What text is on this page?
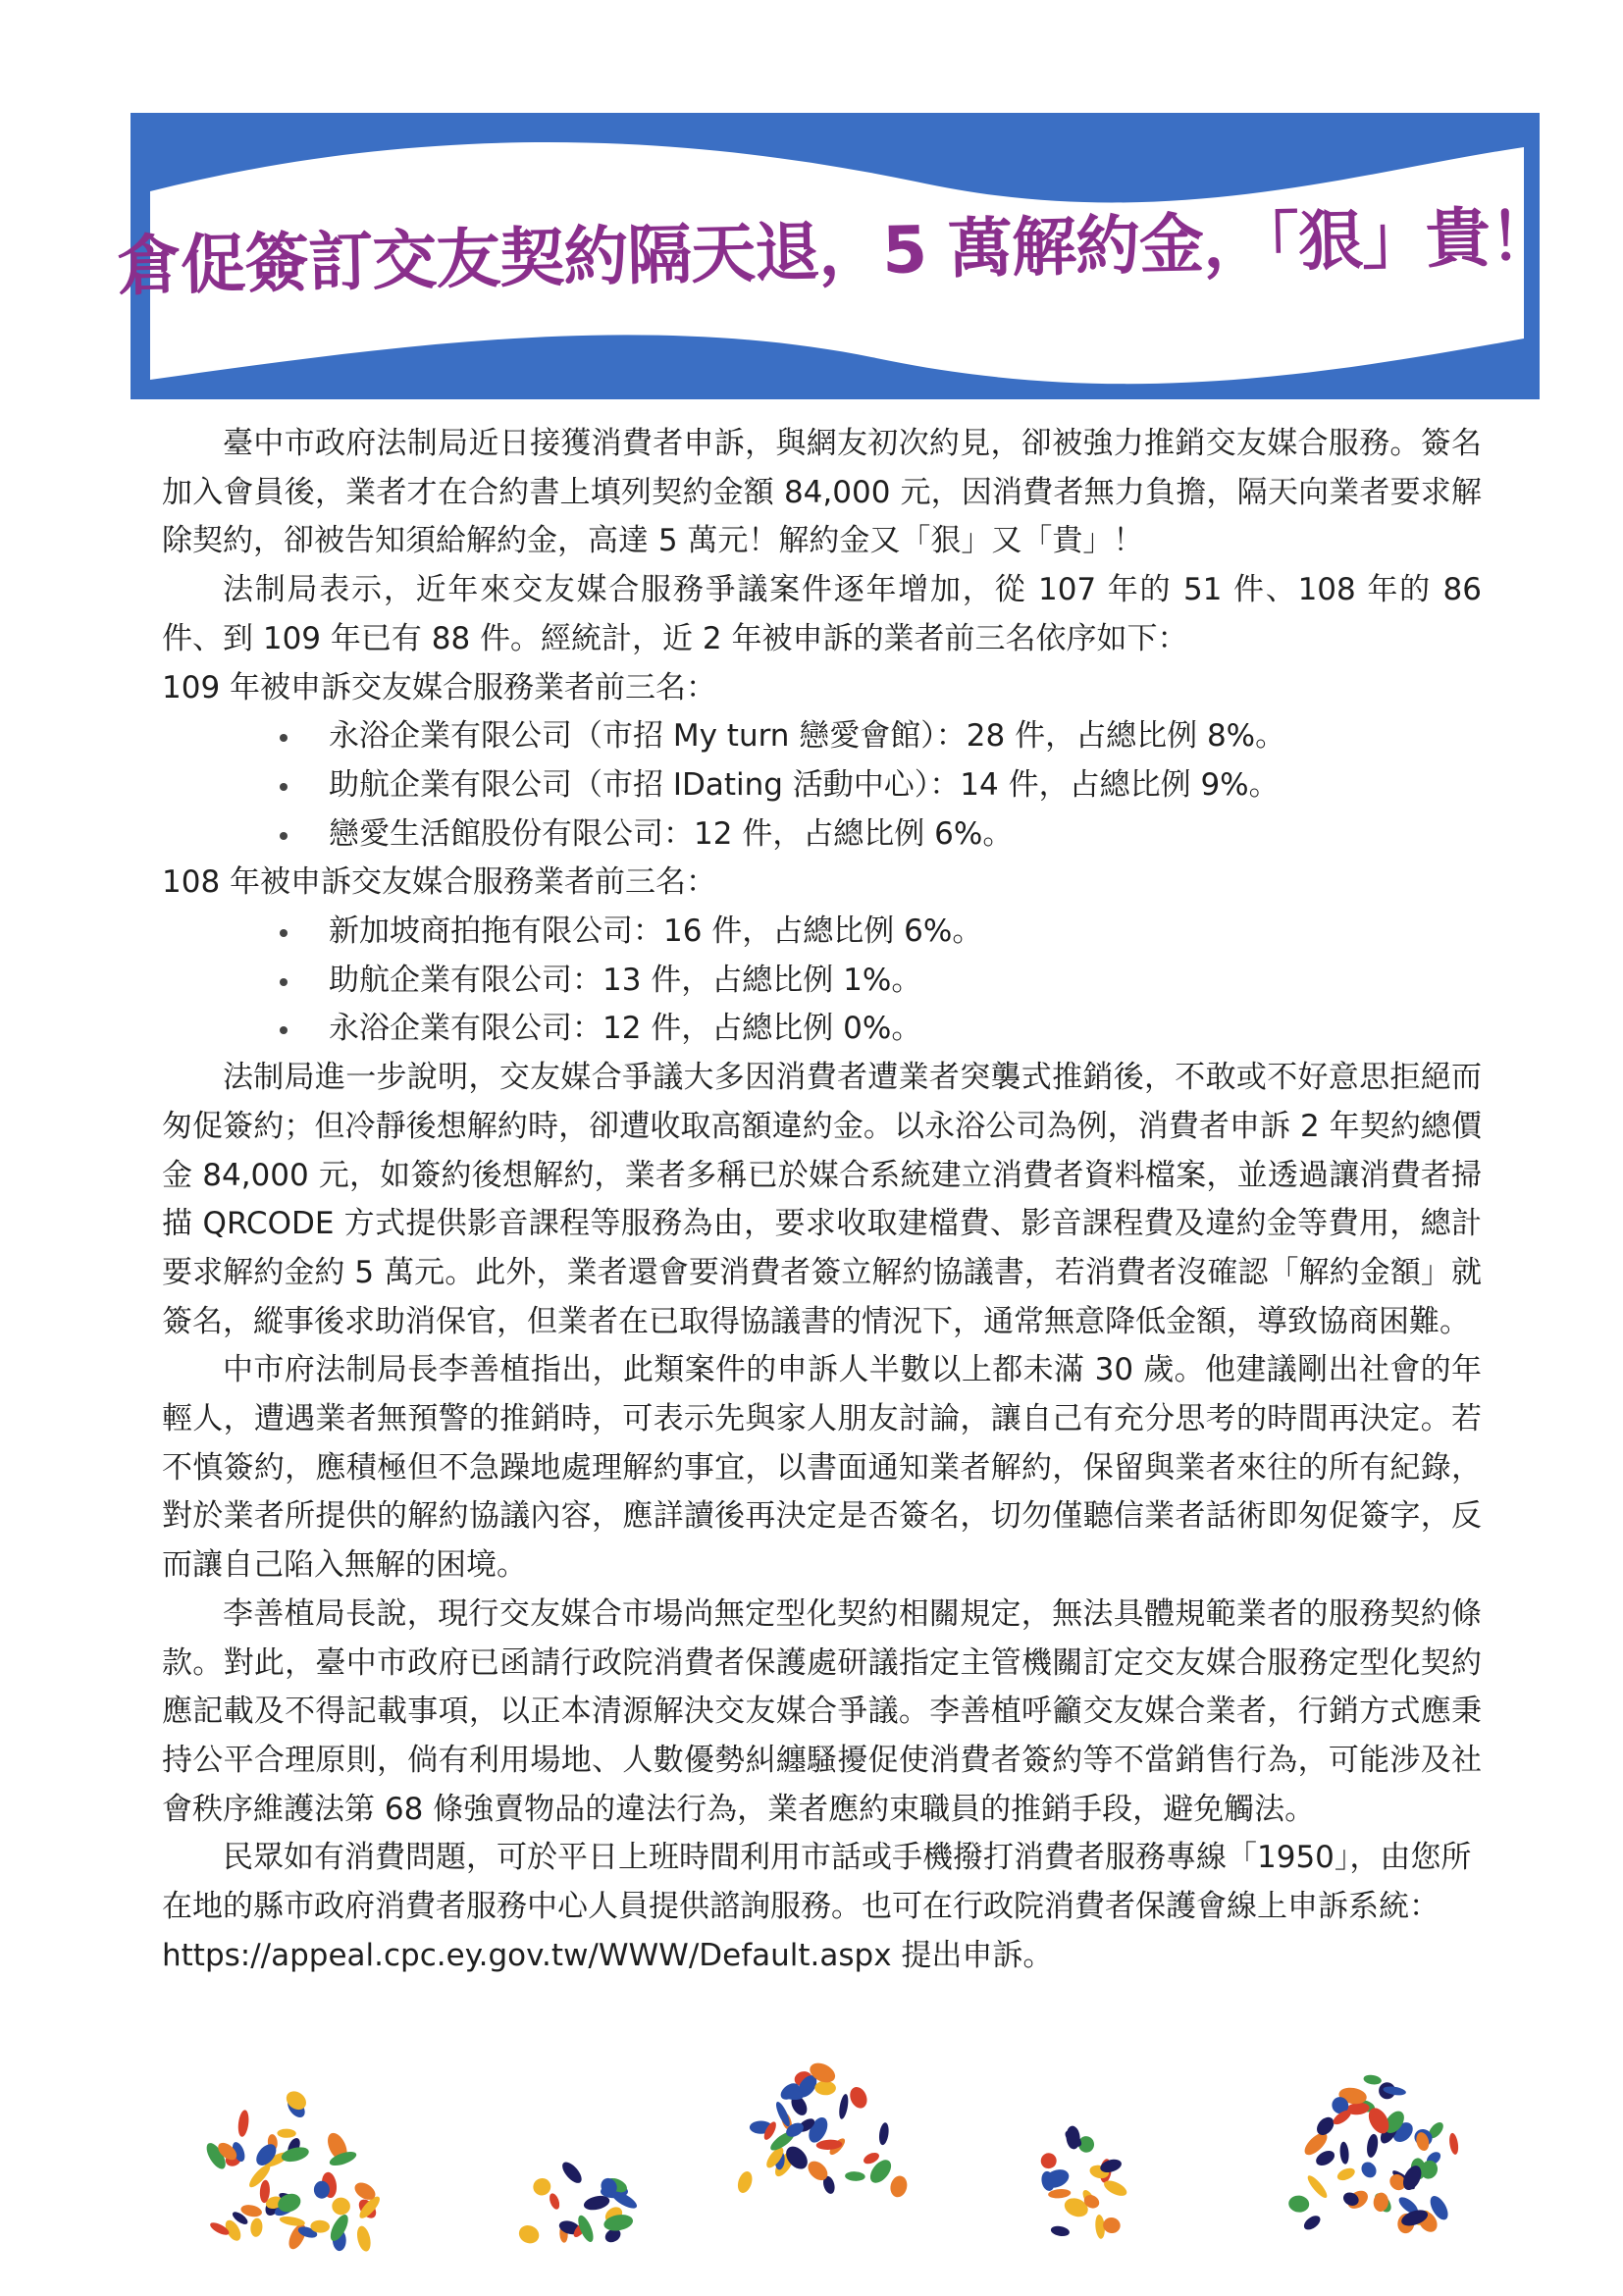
倉促簽訂交友契約隔天退，5 萬解約金，「狠」貴！

臺中市政府法制局近日接獲消費者申訴，與網友初次約見，卻被強力推銷交友媒合服務。簽名加入會員後，業者才在合約書上填列契約金額 84,000 元，因消費者無力負擔，隔天向業者要求解除契約，卻被告知須給解約金，高達 5 萬元！解約金又「狠」又「貴」！

法制局表示，近年來交友媒合服務爭議案件逐年增加，從 107 年的 51 件、108 年的 86 件、到 109 年已有 88 件。經統計，近 2 年被申訴的業者前三名依序如下：

109 年被申訴交友媒合服務業者前三名：
永浴企業有限公司（市招 My turn 戀愛會館）：28 件，占總比例 8%。
助航企業有限公司（市招 IDating 活動中心）：14 件，占總比例 9%。
戀愛生活館股份有限公司：12 件，占總比例 6%。
108 年被申訴交友媒合服務業者前三名：
新加坡商拍拖有限公司：16 件，占總比例 6%。
助航企業有限公司：13 件，占總比例 1%。
永浴企業有限公司：12 件，占總比例 0%。

法制局進一步說明，交友媒合爭議大多因消費者遭業者突襲式推銷後，不敢或不好意思拒絕而匆促簽約；但冷靜後想解約時，卻遭收取高額違約金。以永浴公司為例，消費者申訴 2 年契約總價金 84,000 元，如簽約後想解約，業者多稱已於媒合系統建立消費者資料檔案，並透過讓消費者掃描 QRCODE 方式提供影音課程等服務為由，要求收取建檔費、影音課程費及違約金等費用，總計要求解約金約 5 萬元。此外，業者還會要消費者簽立解約協議書，若消費者沒確認「解約金額」就簽名，縱事後求助消保官，但業者在已取得協議書的情況下，通常無意降低金額，導致協商困難。

中市府法制局長李善植指出，此類案件的申訴人半數以上都未滿 30 歲。他建議剛出社會的年輕人，遭遇業者無預警的推銷時，可表示先與家人朋友討論，讓自己有充分思考的時間再決定。若不慎簽約，應積極但不急躁地處理解約事宜，以書面通知業者解約，保留與業者來往的所有紀錄，對於業者所提供的解約協議內容，應詳讀後再決定是否簽名，切勿僅聽信業者話術即匆促簽字，反而讓自己陷入無解的困境。

李善植局長說，現行交友媒合市場尚無定型化契約相關規定，無法具體規範業者的服務契約條款。對此，臺中市政府已函請行政院消費者保護處研議指定主管機關訂定交友媒合服務定型化契約應記載及不得記載事項，以正本清源解決交友媒合爭議。李善植呼籲交友媒合業者，行銷方式應秉持公平合理原則，倘有利用場地、人數優勢糾纏騷擾促使消費者簽約等不當銷售行為，可能涉及社會秩序維護法第 68 條強賣物品的違法行為，業者應約束職員的推銷手段，避免觸法。

民眾如有消費問題，可於平日上班時間利用市話或手機撥打消費者服務專線「1950」，由您所在地的縣市政府消費者服務中心人員提供諮詢服務。也可在行政院消費者保護會線上申訴系統：https://appeal.cpc.ey.gov.tw/WWW/Default.aspx 提出申訴。
